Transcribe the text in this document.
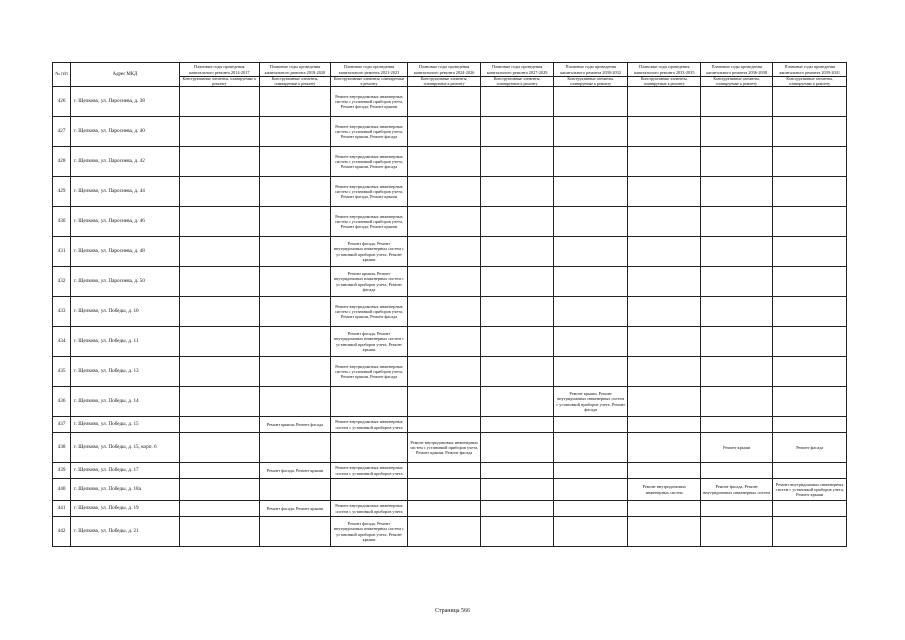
№ п/п	Адрес МКД	Плановые годы проведения капитального ремонта 2014-2017	Плановые годы проведения капитального ремонта 2018-2020	Плановые годы проведения капитального ремонта 2021-2023	Плановые годы проведения капитального ремонта 2024-2026	Плановые годы проведения капитального ремонта 2027-2029	Плановые годы проведения капитального ремонта 2030-2032	Плановые годы проведения капитального ремонта 2033-2035	Плановые годы проведения капитального ремонта 2036-2038	Плановые годы проведения капитального ремонта 2039-2041
		Конструктивные элементы, планируемые к ремонту	Конструктивные элементы, планируемые к ремонту	Конструктивные элементы, планируемые к ремонту	Конструктивные элементы, планируемые к ремонту	Конструктивные элементы, планируемые к ремонту	Конструктивные элементы, планируемые к ремонту	Конструктивные элементы, планируемые к ремонту	Конструктивные элементы, планируемые к ремонту	Конструктивные элементы, планируемые к ремонту
426	г. Щелково, ул. Пароснева, д. 38			Ремонт внутридомовых инженерных систем с установкой приборов учета, Ремонт фасада, Ремонт крыши						
427	г. Щелково, ул. Пароснева, д. 40			Ремонт внутридомовых инженерных систем с установкой приборов учета, Ремонт крыши, Ремонт фасада						
428	г. Щелково, ул. Пароснева, д. 42			Ремонт внутридомовых инженерных систем с установкой приборов учета, Ремонт крыши, Ремонт фасада						
429	г. Щелково, ул. Пароснева, д. 44			Ремонт внутридомовых инженерных систем с установкой приборов учета, Ремонт фасада, Ремонт крыши						
430	г. Щелково, ул. Пароснева, д. 46			Ремонт внутридомовых инженерных систем с установкой приборов учета, Ремонт фасада, Ремонт крыши						
431	г. Щелково, ул. Пароснева, д. 48			Ремонт фасада, Ремонт внутридомовых инженерных систем с установкой приборов учета, Ремонт крыши						
432	г. Щелково, ул. Пароснева, д. 50			Ремонт крыши, Ремонт внутридомовых инженерных систем с установкой приборов учета, Ремонт фасада						
433	г. Щелково, ул. Победы, д. 10			Ремонт внутридомовых инженерных систем с установкой приборов учета, Ремонт крыши, Ремонт фасада						
434	г. Щелково, ул. Победы, д. 11			Ремонт фасада, Ремонт внутридомовых инженерных систем с установкой приборов учета, Ремонт крыши						
435	г. Щелково, ул. Победы, д. 13			Ремонт внутридомовых инженерных систем с установкой приборов учета, Ремонт крыши, Ремонт фасада						
436	г. Щелково, ул. Победы, д. 14						Ремонт крыши, Ремонт внутридомовых инженерных систем с установкой приборов учета, Ремонт фасада			
437	г. Щелково, ул. Победы, д. 15		Ремонт крыши, Ремонт фасада	Ремонт внутридомовых инженерных систем с установкой приборов учета						
438	г. Щелково, ул. Победы, д. 15, корп. 6				Ремонт внутридомовых инженерных систем с установкой приборов учета, Ремонт крыши, Ремонт фасада				Ремонт крыши	Ремонт фасада
439	г. Щелково, ул. Победы, д. 17		Ремонт фасада, Ремонт крыши	Ремонт внутридомовых инженерных систем с установкой приборов учета						
440	г. Щелково, ул. Победы, д. 18а							Ремонт внутридомовых инженерных систем	Ремонт фасада, Ремонт внутридомовых инженерных систем	Ремонт внутридомовых инженерных систем с установкой приборов учета, Ремонт крыши
441	г. Щелково, ул. Победы, д. 19		Ремонт фасада, Ремонт крыши	Ремонт внутридомовых инженерных систем с установкой приборов учета						
442	г. Щелково, ул. Победы, д. 21			Ремонт фасада, Ремонт внутридомовых инженерных систем с установкой приборов учета, Ремонт крыши						
Страница 566
